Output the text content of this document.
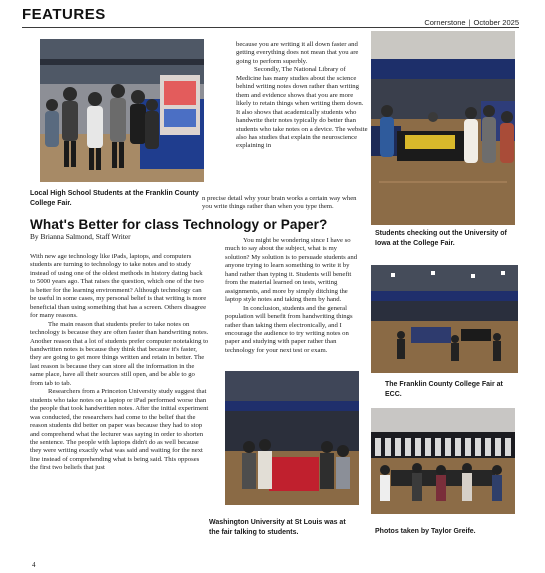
FEATURES	Cornerstone | October 2025
Local High School Students at the Franklin County College Fair.
Students checking out the University of Iowa at the College Fair.
The Franklin County College Fair at ECC.
Photos taken by Taylor Greife.
Washington University at St Louis was at the fair talking to students.

because you are writing it all down faster and getting everything does not mean that you are going to perform superbly.

Secondly, The National Library of Medicine has many studies about the science behind writing notes down rather than writing them and evidence shows that you are more likely to retain things when writing them down. It also shows that academically students who handwrite their notes typically do better than students who take notes on a device. The website also has studies that explain the neuroscience explaining in

n precise detail why your brain works a certain way when you write things rather than when you type them.

What's Better for class Technology or Paper?
By Brianna Salmond, Staff Writer

With new age technology like iPads, laptops, and computers students are turning to technology to take notes and to study instead of using one of the oldest methods in history dating back to 5000 years ago. That raises the question, which one of the two is better for the learning environment? Although technology can be useful in some cases, my personal belief is that writing is more beneficial than using something that has a screen. Others disagree for many reasons.

The main reason that students prefer to take notes on technology is because they are often faster than handwriting notes. Another reason that a lot of students prefer computer notetaking to handwritten notes is because they think that because it's faster, they are going to get more things written and retain in better. The last reason is because they can store all the information in the same place, have all their sources still open, and be able to go from tab to tab.

Researchers from a Princeton University study suggest that students who take notes on a laptop or iPad performed worse than the people that took handwritten notes. After the initial experiment was conducted, the researchers had come to the belief that the reason students did better on paper was because they had to stop and comprehend what the lecturer was saying in order to shorten the sentence. The people with laptops didn't do as well because they were writing exactly what was said and waiting for the next line instead of comprehending what is being said. This opposes the first two beliefs that just

You might be wondering since I have so much to say about the subject, what is my solution? My solution is to persuade students and anyone trying to learn something to write it by hand rather than typing it. Students will benefit from the material learned on tests, writing assignments, and more by simply ditching the laptop style notes and taking them by hand.

In conclusion, students and the general population will benefit from handwriting things rather than taking them electronically, and I encourage the audience to try writing notes on paper and studying with paper rather than technology for your next test or exam.

4
